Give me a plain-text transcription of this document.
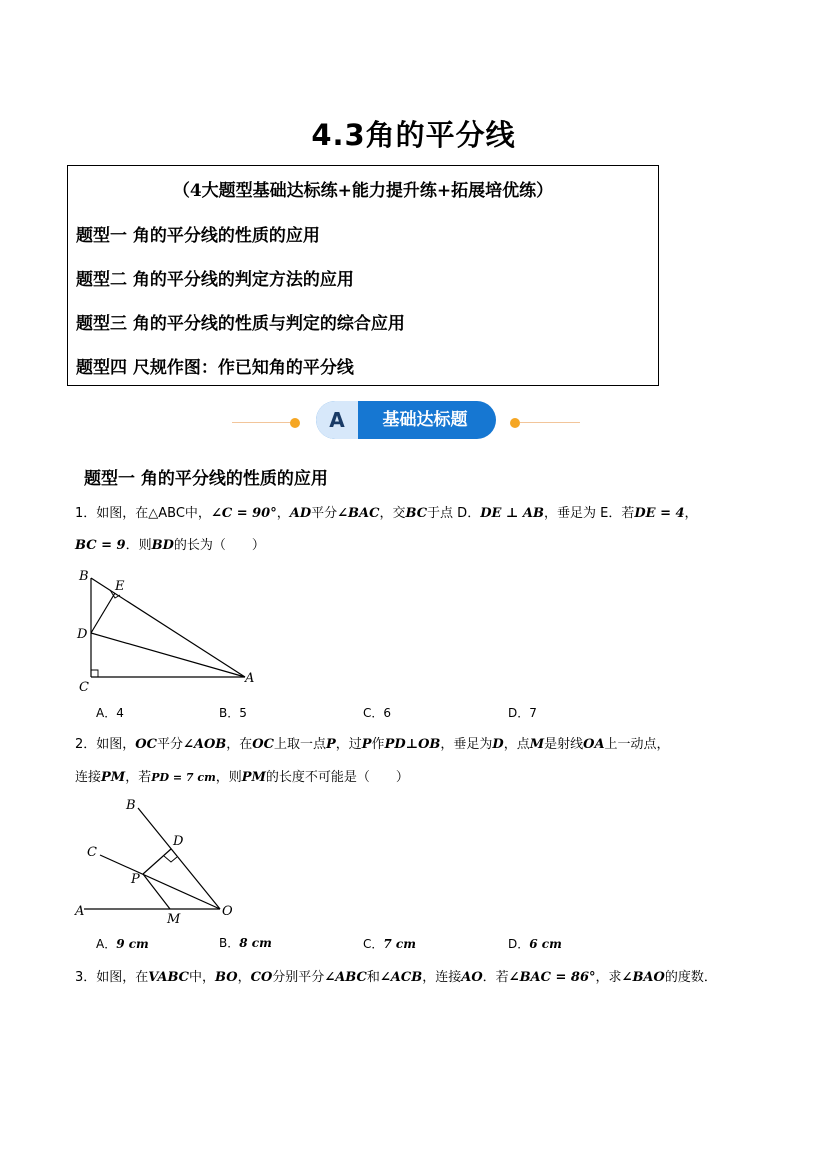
4.3角的平分线
（4大题型基础达标练+能力提升练+拓展培优练）
题型一 角的平分线的性质的应用
题型二 角的平分线的判定方法的应用
题型三 角的平分线的性质与判定的综合应用
题型四 尺规作图：作已知角的平分线
A	基础达标题
题型一 角的平分线的性质的应用
1．如图，在△ABC中，∠C = 90°，AD平分∠BAC，交BC于点 D．DE ⊥ AB，垂足为 E．若DE = 4，
BC = 9．则BD的长为（　　）
B
E
D
C
A
A．4	B．5	C．6	D．7
2．如图，OC平分∠AOB，在OC上取一点P，过P作PD⊥OB，垂足为D，点M是射线OA上一动点，
连接PM，若PD = 7 cm，则PM的长度不可能是（　　）
B
D
C
P
A
M
O
A．9 cm	B．8 cm	C．7 cm	D．6 cm
3．如图，在VABC中，BO，CO分别平分∠ABC和∠ACB，连接AO．若∠BAC = 86°，求∠BAO的度数．
